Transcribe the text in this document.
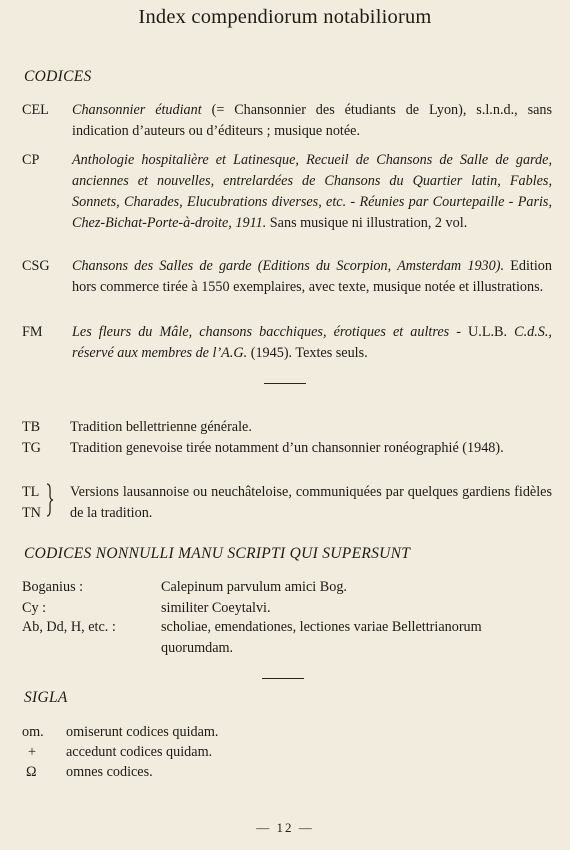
Index compendiorum notabiliorum
CODICES
CEL Chansonnier étudiant (= Chansonnier des étudiants de Lyon), s.l.n.d., sans indication d’auteurs ou d’éditeurs ; musique notée.
CP Anthologie hospitalière et Latinesque, Recueil de Chansons de Salle de garde, anciennes et nouvelles, entrelardées de Chansons du Quartier latin, Fables, Sonnets, Charades, Elucubrations diverses, etc. - Réunies par Courtepaille - Paris, Chez-Bichat-Porte-à-droite, 1911. Sans musique ni illustration, 2 vol.
CSG Chansons des Salles de garde (Editions du Scorpion, Amsterdam 1930). Edition hors commerce tirée à 1550 exemplaires, avec texte, musique notée et illustrations.
FM Les fleurs du Mâle, chansons bacchiques, érotiques et aultres - U.L.B. C.d.S., réservé aux membres de l’A.G. (1945). Textes seuls.
TB Tradition bellettrienne générale.
TG Tradition genevoise tirée notamment d’un chansonnier ronéographié (1948).
TL
TN
Versions lausannoise ou neuchâteloise, communiquées par quelques gardiens fidèles de la tradition.
CODICES NONNULLI MANU SCRIPTI QUI SUPERSUNT
Boganius :	Calepinum parvulum amici Bog.
Cy :	similiter Coeytalvi.
Ab, Dd, H, etc. :	scholiae, emendationes, lectiones variae Bellettrianorum quorumdam.
SIGLA
om. omiserunt codices quidam.
+ accedunt codices quidam.
Ω omnes codices.
— 12 —
